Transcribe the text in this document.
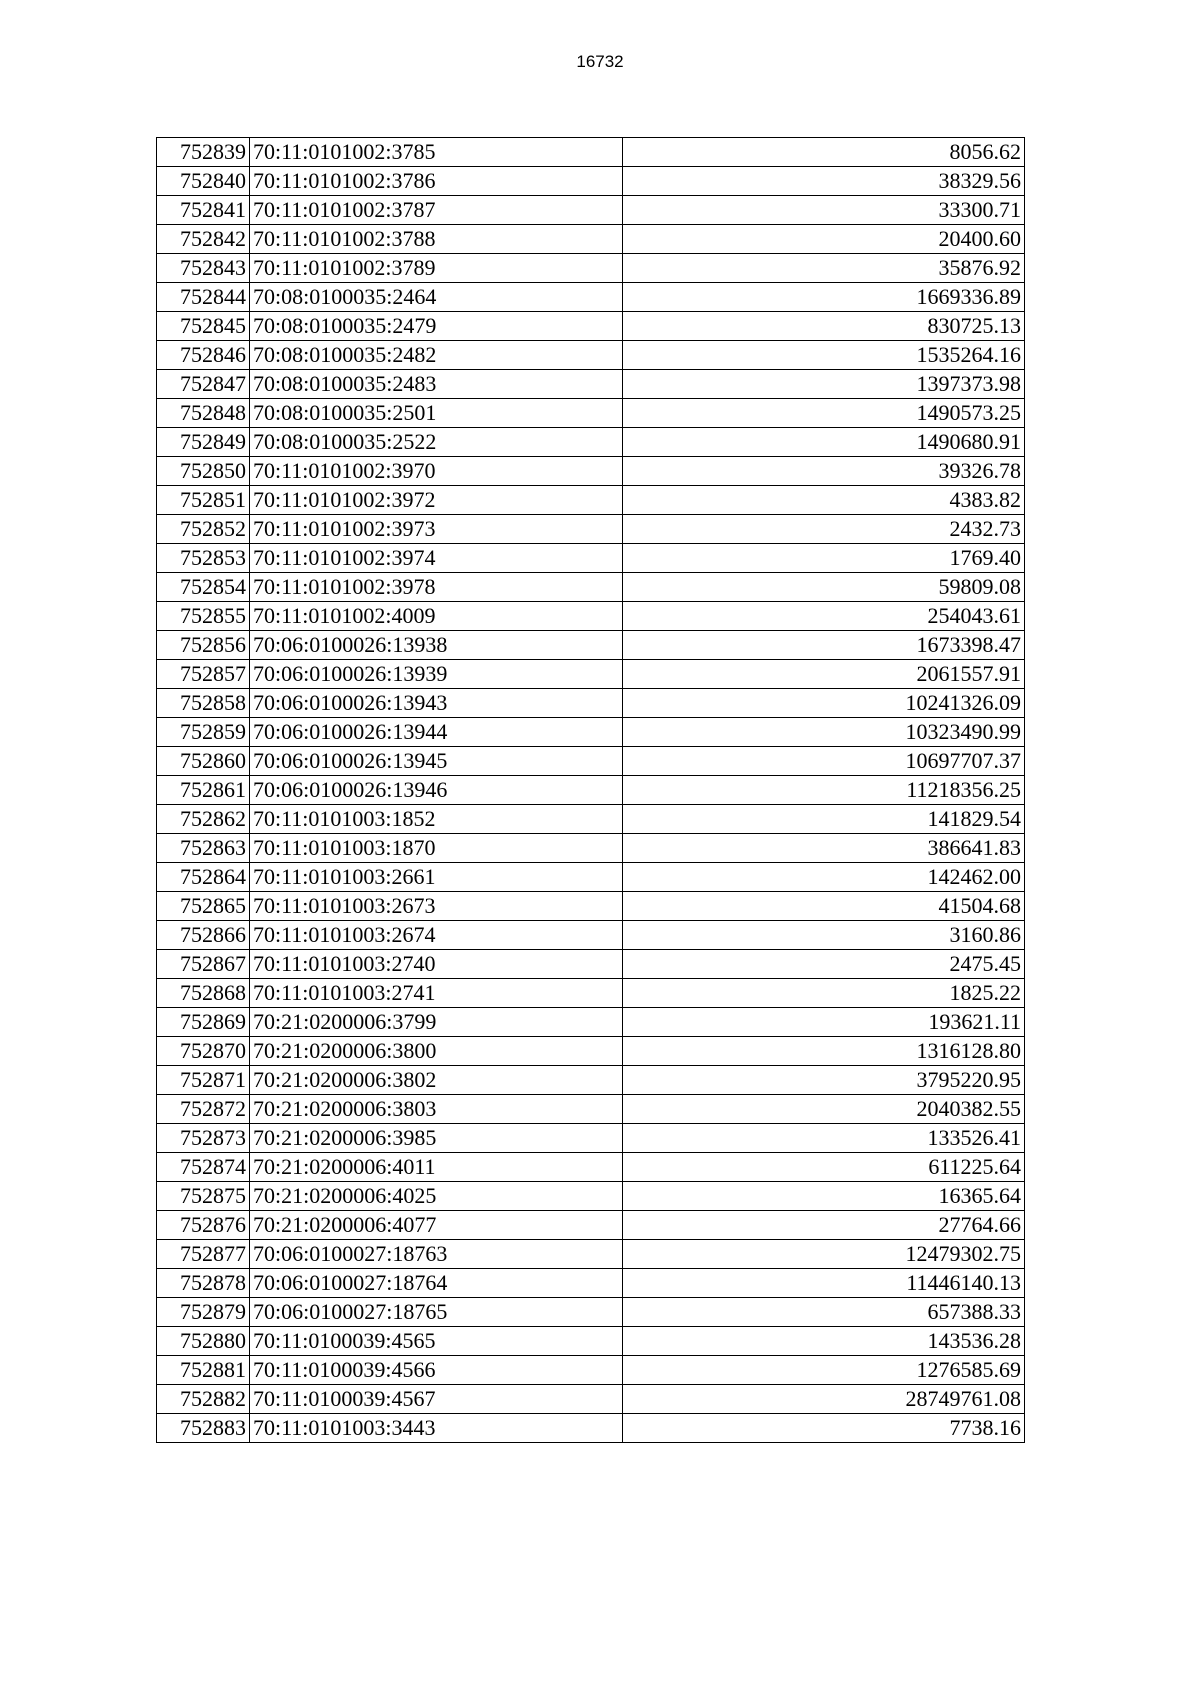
16732
752839	70:11:0101002:3785	8056.62
752840	70:11:0101002:3786	38329.56
752841	70:11:0101002:3787	33300.71
752842	70:11:0101002:3788	20400.60
752843	70:11:0101002:3789	35876.92
752844	70:08:0100035:2464	1669336.89
752845	70:08:0100035:2479	830725.13
752846	70:08:0100035:2482	1535264.16
752847	70:08:0100035:2483	1397373.98
752848	70:08:0100035:2501	1490573.25
752849	70:08:0100035:2522	1490680.91
752850	70:11:0101002:3970	39326.78
752851	70:11:0101002:3972	4383.82
752852	70:11:0101002:3973	2432.73
752853	70:11:0101002:3974	1769.40
752854	70:11:0101002:3978	59809.08
752855	70:11:0101002:4009	254043.61
752856	70:06:0100026:13938	1673398.47
752857	70:06:0100026:13939	2061557.91
752858	70:06:0100026:13943	10241326.09
752859	70:06:0100026:13944	10323490.99
752860	70:06:0100026:13945	10697707.37
752861	70:06:0100026:13946	11218356.25
752862	70:11:0101003:1852	141829.54
752863	70:11:0101003:1870	386641.83
752864	70:11:0101003:2661	142462.00
752865	70:11:0101003:2673	41504.68
752866	70:11:0101003:2674	3160.86
752867	70:11:0101003:2740	2475.45
752868	70:11:0101003:2741	1825.22
752869	70:21:0200006:3799	193621.11
752870	70:21:0200006:3800	1316128.80
752871	70:21:0200006:3802	3795220.95
752872	70:21:0200006:3803	2040382.55
752873	70:21:0200006:3985	133526.41
752874	70:21:0200006:4011	611225.64
752875	70:21:0200006:4025	16365.64
752876	70:21:0200006:4077	27764.66
752877	70:06:0100027:18763	12479302.75
752878	70:06:0100027:18764	11446140.13
752879	70:06:0100027:18765	657388.33
752880	70:11:0100039:4565	143536.28
752881	70:11:0100039:4566	1276585.69
752882	70:11:0100039:4567	28749761.08
752883	70:11:0101003:3443	7738.16
